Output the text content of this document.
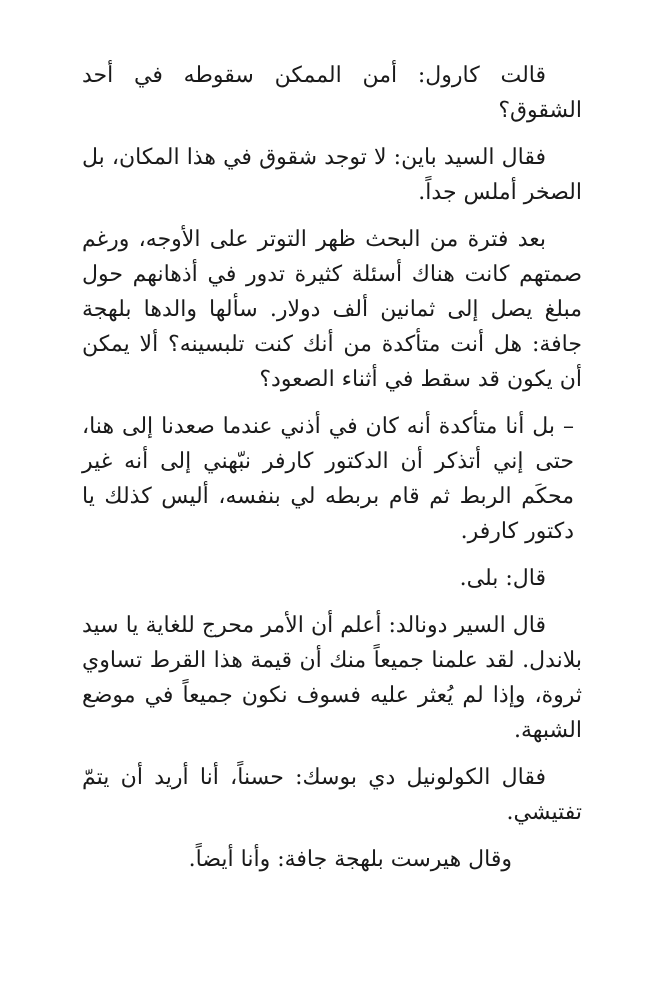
قالت كارول: أمن الممكن سقوطه في أحد الشقوق؟

فقال السيد باين: لا توجد شقوق في هذا المكان، بل الصخر أملس جداً.

بعد فترة من البحث ظهر التوتر على الأوجه، ورغم صمتهم كانت هناك أسئلة كثيرة تدور في أذهانهم حول مبلغ يصل إلى ثمانين ألف دولار. سألها والدها بلهجة جافة: هل أنت متأكدة من أنك كنت تلبسينه؟ ألا يمكن أن يكون قد سقط في أثناء الصعود؟

– بل أنا متأكدة أنه كان في أذني عندما صعدنا إلى هنا، حتى إني أتذكر أن الدكتور كارفر نبّهني إلى أنه غير محكَم الربط ثم قام بربطه لي بنفسه، أليس كذلك يا دكتور كارفر.

قال: بلى.

قال السير دونالد: أعلم أن الأمر محرج للغاية يا سيد بلاندل. لقد علمنا جميعاً منك أن قيمة هذا القرط تساوي ثروة، وإذا لم يُعثر عليه فسوف نكون جميعاً في موضع الشبهة.

فقال الكولونيل دي بوسك: حسناً، أنا أريد أن يتمّ تفتيشي.

وقال هيرست بلهجة جافة: وأنا أيضاً.
